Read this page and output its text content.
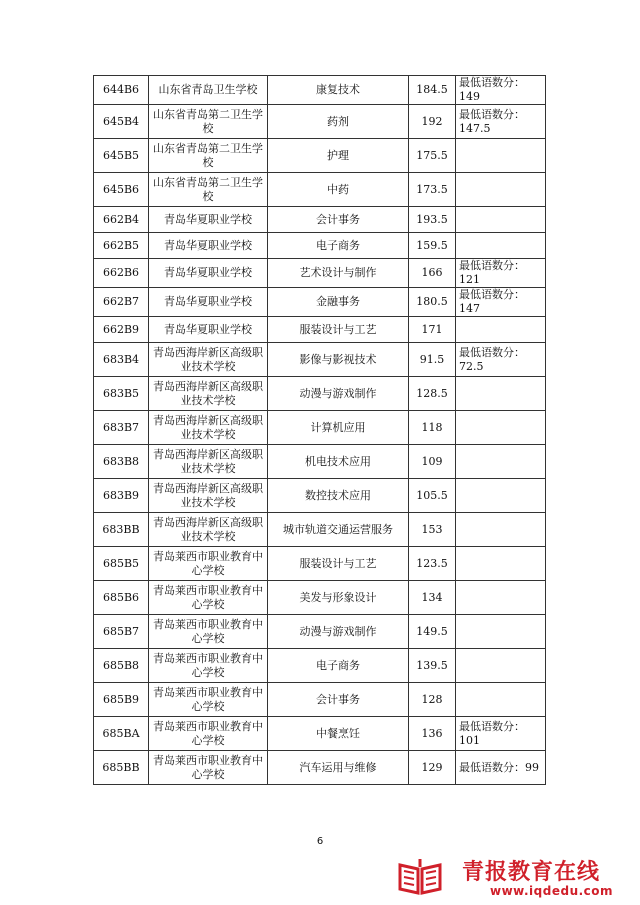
644B6	山东省青岛卫生学校	康复技术	184.5	最低语数分：149
645B4	山东省青岛第二卫生学校	药剂	192	最低语数分：147.5
645B5	山东省青岛第二卫生学校	护理	175.5	
645B6	山东省青岛第二卫生学校	中药	173.5	
662B4	青岛华夏职业学校	会计事务	193.5	
662B5	青岛华夏职业学校	电子商务	159.5	
662B6	青岛华夏职业学校	艺术设计与制作	166	最低语数分：121
662B7	青岛华夏职业学校	金融事务	180.5	最低语数分：147
662B9	青岛华夏职业学校	服装设计与工艺	171	
683B4	青岛西海岸新区高级职业技术学校	影像与影视技术	91.5	最低语数分：72.5
683B5	青岛西海岸新区高级职业技术学校	动漫与游戏制作	128.5	
683B7	青岛西海岸新区高级职业技术学校	计算机应用	118	
683B8	青岛西海岸新区高级职业技术学校	机电技术应用	109	
683B9	青岛西海岸新区高级职业技术学校	数控技术应用	105.5	
683BB	青岛西海岸新区高级职业技术学校	城市轨道交通运营服务	153	
685B5	青岛莱西市职业教育中心学校	服装设计与工艺	123.5	
685B6	青岛莱西市职业教育中心学校	美发与形象设计	134	
685B7	青岛莱西市职业教育中心学校	动漫与游戏制作	149.5	
685B8	青岛莱西市职业教育中心学校	电子商务	139.5	
685B9	青岛莱西市职业教育中心学校	会计事务	128	
685BA	青岛莱西市职业教育中心学校	中餐烹饪	136	最低语数分：101
685BB	青岛莱西市职业教育中心学校	汽车运用与维修	129	最低语数分：99
6
青报教育在线
www.iqdedu.com
